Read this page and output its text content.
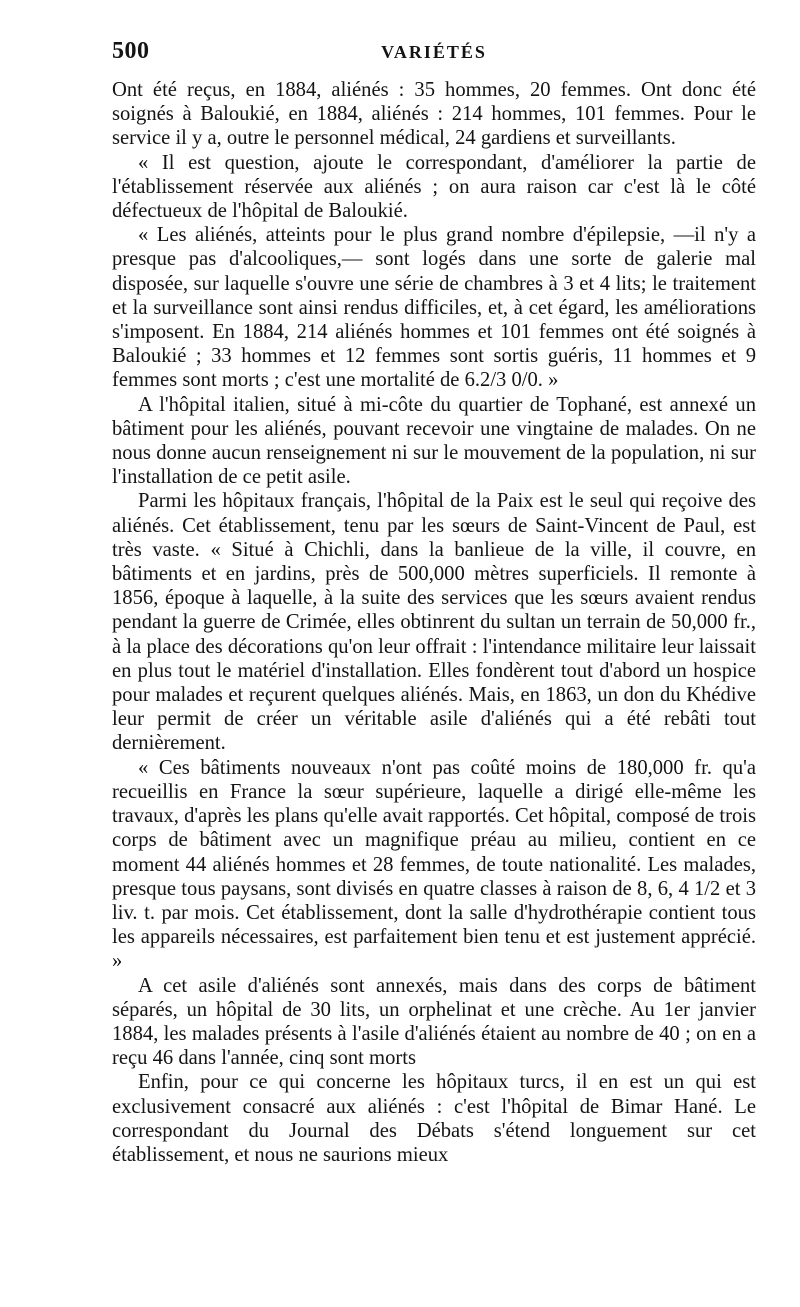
500	VARIÉTÉS

Ont été reçus, en 1884, aliénés : 35 hommes, 20 femmes. Ont donc été soignés à Baloukié, en 1884, aliénés : 214 hommes, 101 femmes. Pour le service il y a, outre le personnel médical, 24 gardiens et surveillants.

« Il est question, ajoute le correspondant, d'améliorer la partie de l'établissement réservée aux aliénés ; on aura raison car c'est là le côté défectueux de l'hôpital de Baloukié.

« Les aliénés, atteints pour le plus grand nombre d'épilepsie, —il n'y a presque pas d'alcooliques,— sont logés dans une sorte de galerie mal disposée, sur laquelle s'ouvre une série de chambres à 3 et 4 lits; le traitement et la surveillance sont ainsi rendus difficiles, et, à cet égard, les améliorations s'imposent. En 1884, 214 aliénés hommes et 101 femmes ont été soignés à Baloukié ; 33 hommes et 12 femmes sont sortis guéris, 11 hommes et 9 femmes sont morts ; c'est une mortalité de 6.2/3 0/0. »

A l'hôpital italien, situé à mi-côte du quartier de Tophané, est annexé un bâtiment pour les aliénés, pouvant recevoir une vingtaine de malades. On ne nous donne aucun renseignement ni sur le mouvement de la population, ni sur l'installation de ce petit asile.

Parmi les hôpitaux français, l'hôpital de la Paix est le seul qui reçoive des aliénés. Cet établissement, tenu par les sœurs de Saint-Vincent de Paul, est très vaste. « Situé à Chichli, dans la banlieue de la ville, il couvre, en bâtiments et en jardins, près de 500,000 mètres superficiels. Il remonte à 1856, époque à laquelle, à la suite des services que les sœurs avaient rendus pendant la guerre de Crimée, elles obtinrent du sultan un terrain de 50,000 fr., à la place des décorations qu'on leur offrait : l'intendance militaire leur laissait en plus tout le matériel d'installation. Elles fondèrent tout d'abord un hospice pour malades et reçurent quelques aliénés. Mais, en 1863, un don du Khédive leur permit de créer un véritable asile d'aliénés qui a été rebâti tout dernièrement.

« Ces bâtiments nouveaux n'ont pas coûté moins de 180,000 fr. qu'a recueillis en France la sœur supérieure, laquelle a dirigé elle-même les travaux, d'après les plans qu'elle avait rapportés. Cet hôpital, composé de trois corps de bâtiment avec un magnifique préau au milieu, contient en ce moment 44 aliénés hommes et 28 femmes, de toute nationalité. Les malades, presque tous paysans, sont divisés en quatre classes à raison de 8, 6, 4 1/2 et 3 liv. t. par mois. Cet établissement, dont la salle d'hydrothérapie contient tous les appareils nécessaires, est parfaitement bien tenu et est justement apprécié. »

A cet asile d'aliénés sont annexés, mais dans des corps de bâtiment séparés, un hôpital de 30 lits, un orphelinat et une crèche. Au 1er janvier 1884, les malades présents à l'asile d'aliénés étaient au nombre de 40 ; on en a reçu 46 dans l'année, cinq sont morts

Enfin, pour ce qui concerne les hôpitaux turcs, il en est un qui est exclusivement consacré aux aliénés : c'est l'hôpital de Bimar Hané. Le correspondant du Journal des Débats s'étend longuement sur cet établissement, et nous ne saurions mieux
